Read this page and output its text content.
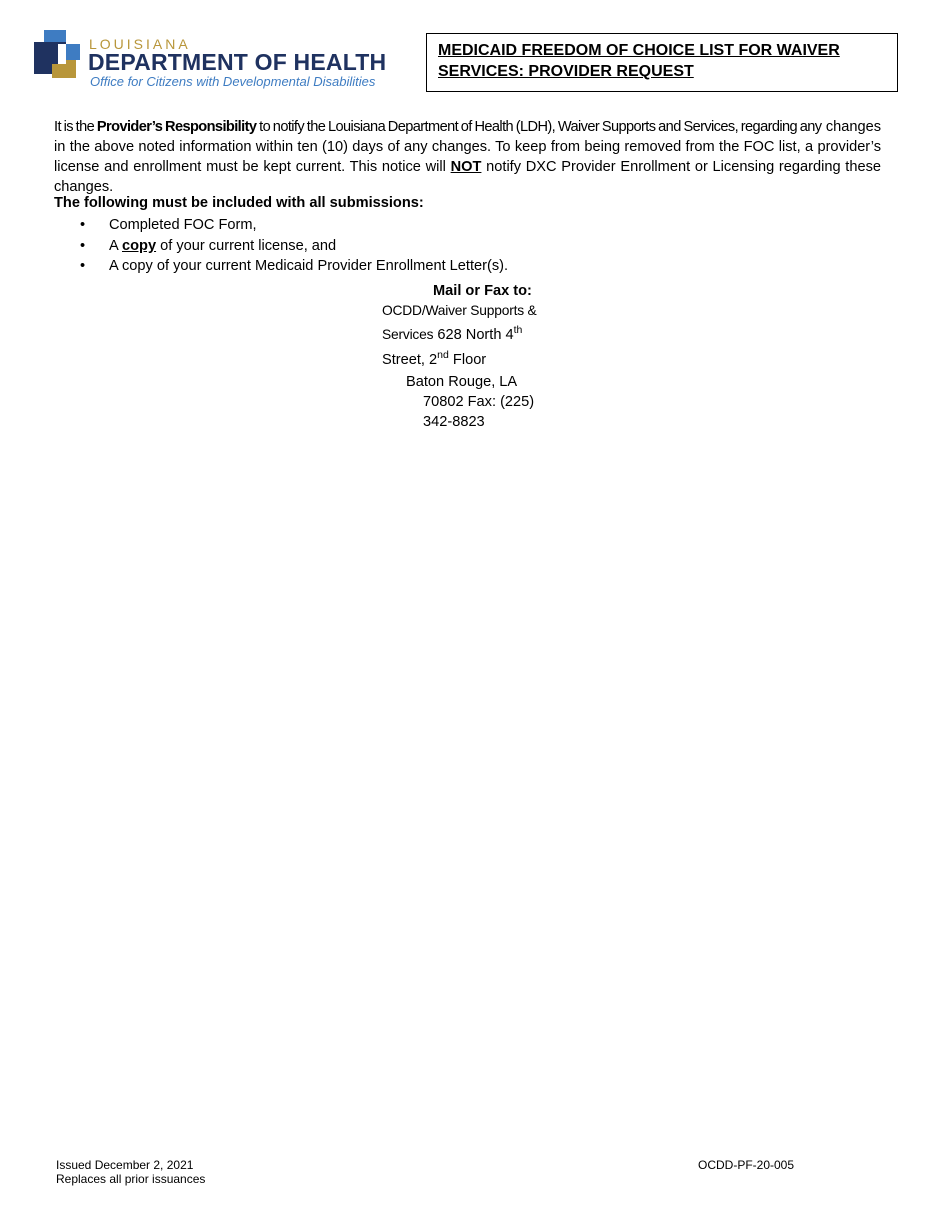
LOUISIANA
DEPARTMENT OF HEALTH
Office for Citizens with Developmental Disabilities
MEDICAID FREEDOM OF CHOICE LIST FOR WAIVER
SERVICES: PROVIDER REQUEST
It is the Provider’s Responsibility to notify the Louisiana Department of Health (LDH), Waiver Supports and Services, regarding any changes in the above noted information within ten (10) days of any changes. To keep from being removed from the FOC list, a provider’s license and enrollment must be kept current. This notice will NOT notify DXC Provider Enrollment or Licensing regarding these changes.
The following must be included with all submissions:
• Completed FOC Form,
• A copy of your current license, and
• A copy of your current Medicaid Provider Enrollment Letter(s).
Mail or Fax to:
OCDD/Waiver Supports &
Services 628 North 4th
Street, 2nd Floor
Baton Rouge, LA
70802 Fax: (225)
342-8823
Issued December 2, 2021
Replaces all prior issuances
OCDD-PF-20-005
